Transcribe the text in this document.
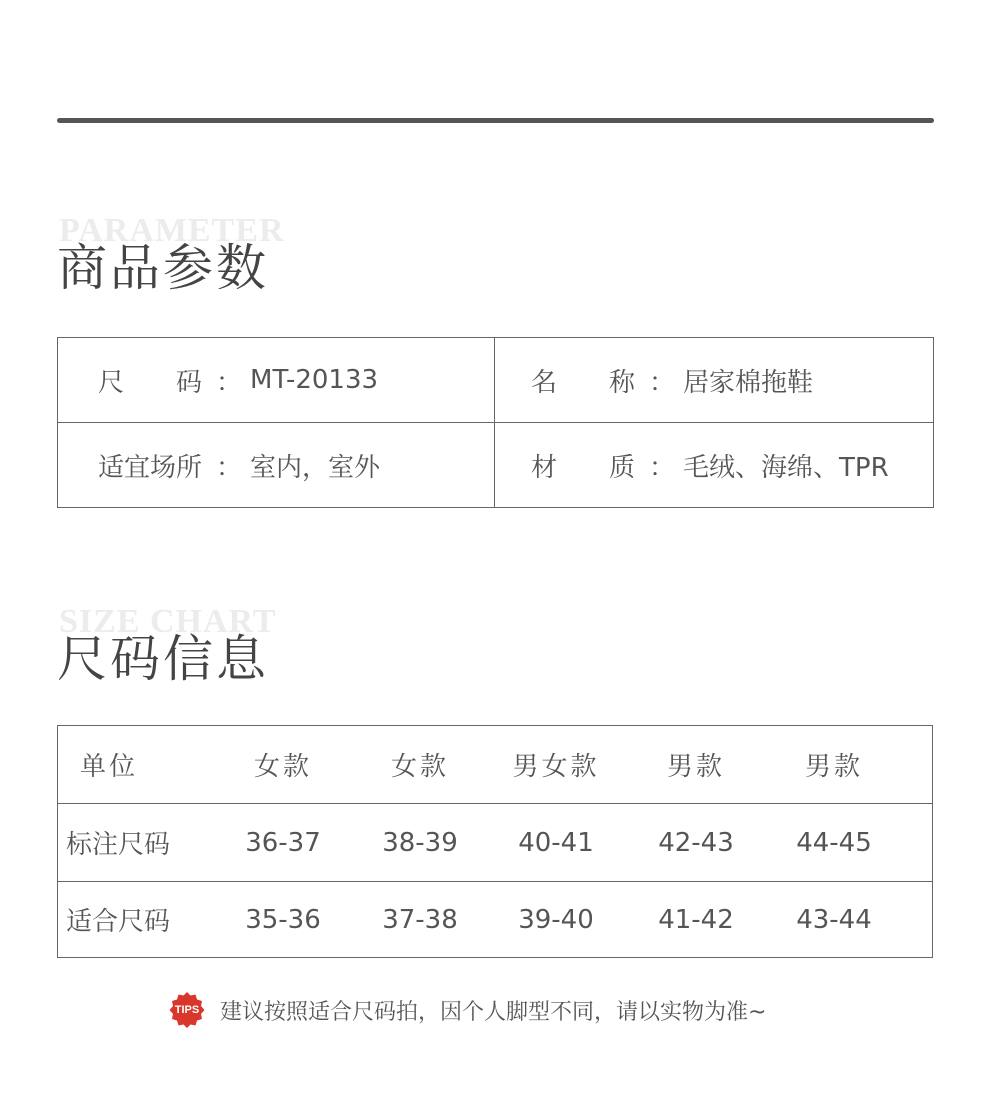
PARAMETER
商品参数
尺　　码 ： MT-20133	名　　称 ： 居家棉拖鞋
适宜场所 ： 室内，室外	材　　质 ： 毛绒、海绵、TPR
SIZE CHART
尺码信息
单位	女款	女款	男女款	男款	男款
标注尺码	36-37	38-39	40-41	42-43	44-45
适合尺码	35-36	37-38	39-40	41-42	43-44
TIPS 建议按照适合尺码拍，因个人脚型不同，请以实物为准~
